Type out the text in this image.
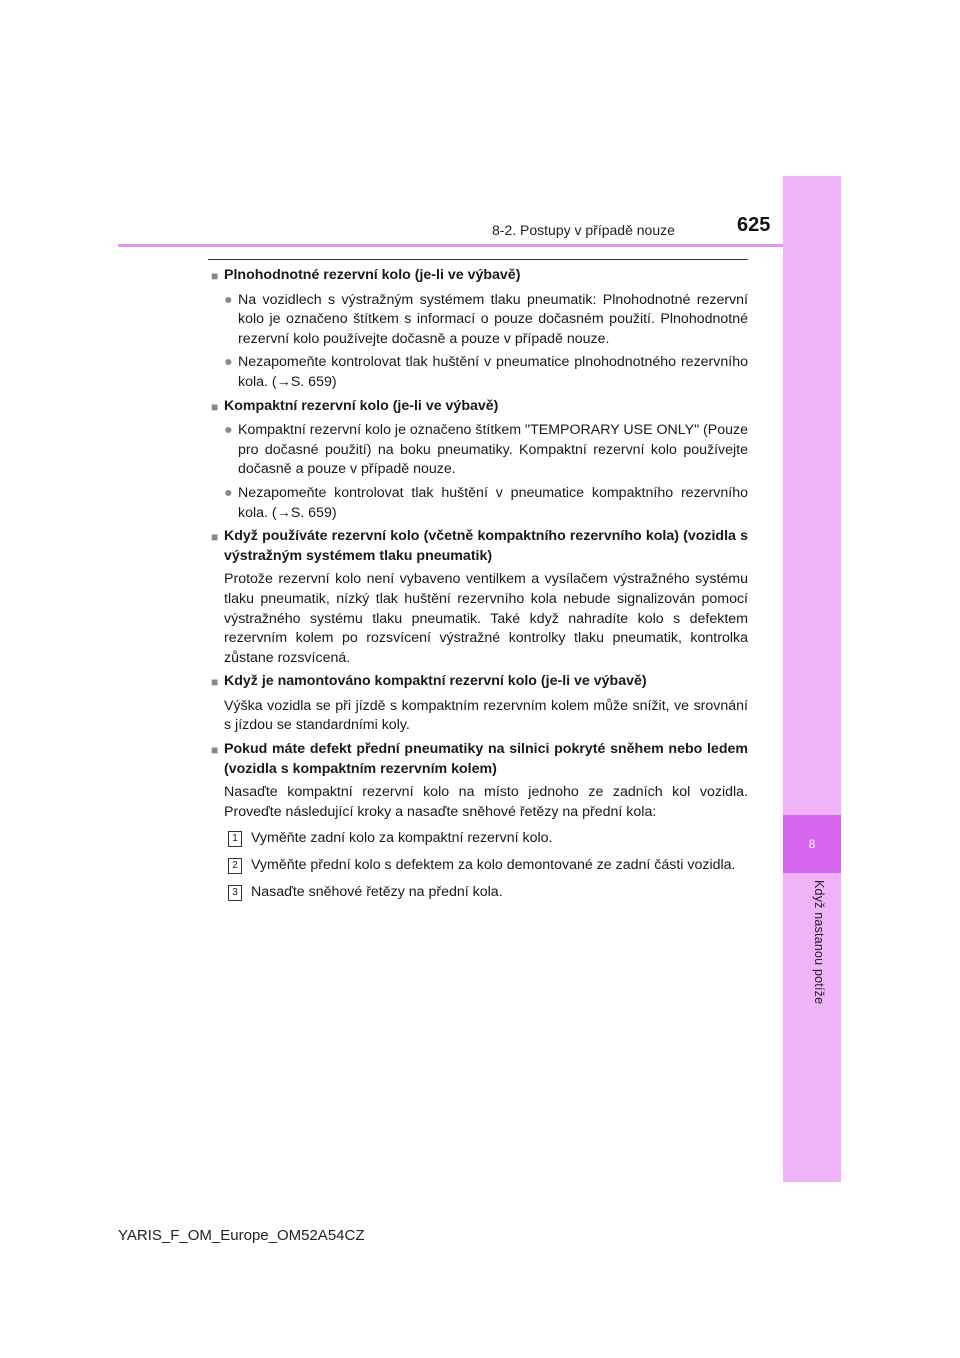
8
Když nastanou potíže
8-2. Postupy v případě nouze	625
■ Plnohodnotné rezervní kolo (je-li ve výbavě)
● Na vozidlech s výstražným systémem tlaku pneumatik: Plnohodnotné rezervní kolo je označeno štítkem s informací o pouze dočasném použití. Plnohodnotné rezervní kolo používejte dočasně a pouze v případě nouze.
● Nezapomeňte kontrolovat tlak huštění v pneumatice plnohodnotného rezervního kola. (→S. 659)
■ Kompaktní rezervní kolo (je-li ve výbavě)
● Kompaktní rezervní kolo je označeno štítkem "TEMPORARY USE ONLY" (Pouze pro dočasné použití) na boku pneumatiky. Kompaktní rezervní kolo používejte dočasně a pouze v případě nouze.
● Nezapomeňte kontrolovat tlak huštění v pneumatice kompaktního rezervního kola. (→S. 659)
■ Když používáte rezervní kolo (včetně kompaktního rezervního kola) (vozidla s výstražným systémem tlaku pneumatik)
Protože rezervní kolo není vybaveno ventilkem a vysílačem výstražného systému tlaku pneumatik, nízký tlak huštění rezervního kola nebude signalizován pomocí výstražného systému tlaku pneumatik. Také když nahradíte kolo s defektem rezervním kolem po rozsvícení výstražné kontrolky tlaku pneumatik, kontrolka zůstane rozsvícená.
■ Když je namontováno kompaktní rezervní kolo (je-li ve výbavě)
Výška vozidla se při jízdě s kompaktním rezervním kolem může snížit, ve srovnání s jízdou se standardními koly.
■ Pokud máte defekt přední pneumatiky na silnici pokryté sněhem nebo ledem (vozidla s kompaktním rezervním kolem)
Nasaďte kompaktní rezervní kolo na místo jednoho ze zadních kol vozidla. Proveďte následující kroky a nasaďte sněhové řetězy na přední kola:
1 Vyměňte zadní kolo za kompaktní rezervní kolo.
2 Vyměňte přední kolo s defektem za kolo demontované ze zadní části vozidla.
3 Nasaďte sněhové řetězy na přední kola.
YARIS_F_OM_Europe_OM52A54CZ
